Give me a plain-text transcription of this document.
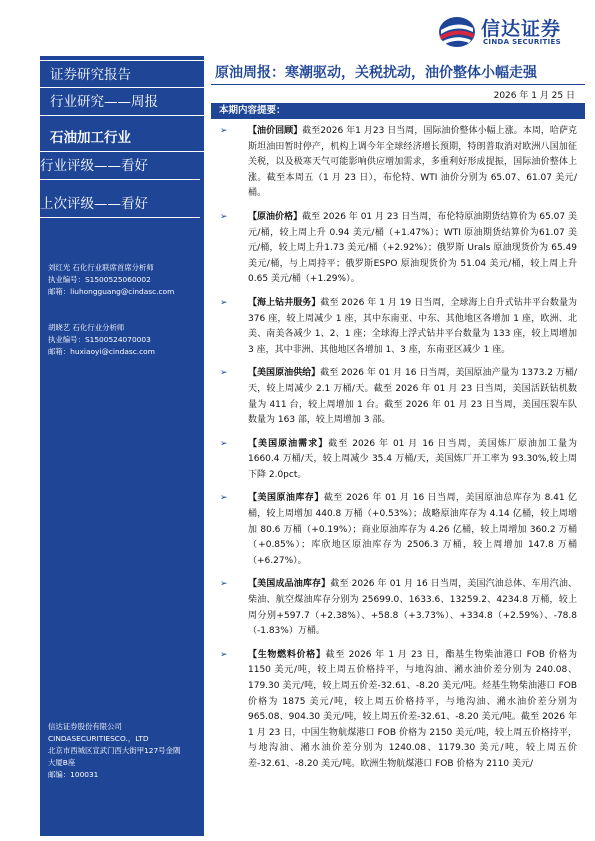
信达证券
CINDA SECURITIES
证券研究报告
行业研究——周报
石油加工行业
行业评级——看好
上次评级——看好
刘红光 石化行业联席首席分析师
执业编号：S1500525060002
邮箱：liuhongguang@cindasc.com
胡晓艺 石化行业分析师
执业编号：S1500524070003
邮箱：huxiaoyi@cindasc.com
信达证券股份有限公司
CINDASECURITIESCO.，LTD
北京市西城区宣武门西大街甲127号金隅
大厦B座
邮编：100031
原油周报：寒潮驱动，关税扰动，油价整体小幅走强
2026 年 1 月 25 日
本期内容提要：
➢ 【油价回顾】截至2026 年1 月23 日当周，国际油价整体小幅上涨。本周，哈萨克斯坦油田暂时停产，机构上调今年全球经济增长预期，特朗普取消对欧洲八国加征关税，以及极寒天气可能影响供应增加需求，多重利好形成提振，国际油价整体上涨。截至本周五（1 月 23 日），布伦特、WTI 油价分别为 65.07、61.07 美元/桶。
➢ 【原油价格】截至 2026 年 01 月 23 日当周，布伦特原油期货结算价为 65.07 美元/桶，较上周上升 0.94 美元/桶（+1.47%）；WTI 原油期货结算价为61.07 美元/桶，较上周上升1.73 美元/桶（+2.92%）；俄罗斯 Urals 原油现货价为 65.49 美元/桶，与上周持平；俄罗斯ESPO 原油现货价为 51.04 美元/桶，较上周上升 0.65 美元/桶（+1.29%）。
➢ 【海上钻井服务】截至 2026 年 1 月 19 日当周，全球海上自升式钻井平台数量为 376 座，较上周减少 1 座，其中东南亚、中东、其他地区各增加 1 座，欧洲、北美、南美各减少 1、2、1 座；全球海上浮式钻井平台数量为 133 座，较上周增加 3 座，其中非洲、其他地区各增加 1、3 座，东南亚区减少 1 座。
➢ 【美国原油供给】截至 2026 年 01 月 16 日当周，美国原油产量为 1373.2 万桶/天，较上周减少 2.1 万桶/天。截至 2026 年 01 月 23 日当周，美国活跃钻机数量为 411 台，较上周增加 1 台。截至 2026 年 01 月 23 日当周，美国压裂车队数量为 163 部，较上周增加 3 部。
➢ 【美国原油需求】截至 2026 年 01 月 16 日当周，美国炼厂原油加工量为 1660.4 万桶/天，较上周减少 35.4 万桶/天，美国炼厂开工率为 93.30%,较上周下降 2.0pct。
➢ 【美国原油库存】截至 2026 年 01 月 16 日当周，美国原油总库存为 8.41 亿桶，较上周增加 440.8 万桶（+0.53%）；战略原油库存为 4.14 亿桶，较上周增加 80.6 万桶（+0.19%）；商业原油库存为 4.26 亿桶，较上周增加 360.2 万桶（+0.85%）；库欣地区原油库存为 2506.3 万桶，较上周增加 147.8 万桶（+6.27%）。
➢ 【美国成品油库存】截至 2026 年 01 月 16 日当周，美国汽油总体、车用汽油、柴油、航空煤油库存分别为 25699.0、1633.6、13259.2、4234.8 万桶，较上周分别+597.7（+2.38%）、+58.8（+3.73%）、+334.8（+2.59%）、-78.8（-1.83%）万桶。
➢ 【生物燃料价格】截至 2026 年 1 月 23 日，酯基生物柴油港口 FOB 价格为 1150 美元/吨，较上周五价格持平，与地沟油、潲水油价差分别为 240.08、179.30 美元/吨，较上周五价差-32.61、-8.20 美元/吨。烃基生物柴油港口 FOB 价格为 1875 美元/吨，较上周五价格持平，与地沟油、潲水油价差分别为 965.08、904.30 美元/吨，较上周五价差-32.61、-8.20 美元/吨。截至 2026 年 1 月 23 日，中国生物航煤港口 FOB 价格为 2150 美元/吨，较上周五价格持平，与地沟油、潲水油价差分别为 1240.08、1179.30 美元/吨，较上周五价差-32.61、-8.20 美元/吨。欧洲生物航煤港口 FOB 价格为 2110 美元/
